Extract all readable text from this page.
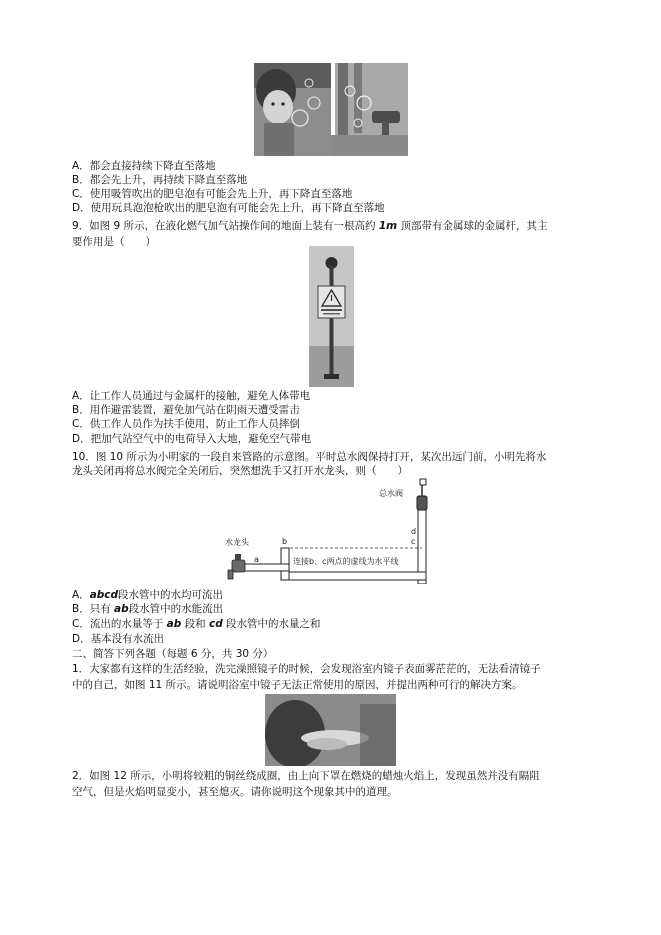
A．都会直接持续下降直至落地
B．都会先上升，再持续下降直至落地
C．使用吸管吹出的肥皂泡有可能会先上升，再下降直至落地
D．使用玩具泡泡枪吹出的肥皂泡有可能会先上升，再下降直至落地
9．如图 9 所示，在液化燃气加气站操作间的地面上装有一根高约 1m 顶部带有金属球的金属杆，其主
要作用是（　　）
A．让工作人员通过与金属杆的接触，避免人体带电
B．用作避雷装置，避免加气站在阴雨天遭受雷击
C．供工作人员作为扶手使用，防止工作人员摔倒
D．把加气站空气中的电荷导入大地，避免空气带电
10．图 10 所示为小明家的一段自来管路的示意图。平时总水阀保持打开，某次出远门前，小明先将水
龙头关闭再将总水阀完全关闭后，突然想洗手又打开水龙头，则（　　）
总水阀
水龙头
a
b	c
d
连接b、c两点的虚线为水平线
A．abcd段水管中的水均可流出
B．只有 ab段水管中的水能流出
C．流出的水量等于 ab 段和 cd 段水管中的水量之和
D．基本没有水流出
二、简答下列各题（每题 6 分，共 30 分）
1．大家都有这样的生活经验，洗完澡照镜子的时候，会发现浴室内镜子表面雾茫茫的，无法看清镜子
中的自己，如图 11 所示。请说明浴室中镜子无法正常使用的原因，并提出两种可行的解决方案。
2．如图 12 所示，小明将较粗的铜丝绕成圈，由上向下罩在燃烧的蜡烛火焰上，发现虽然并没有隔阻
空气，但是火焰明显变小，甚至熄灭。请你说明这个现象其中的道理。
